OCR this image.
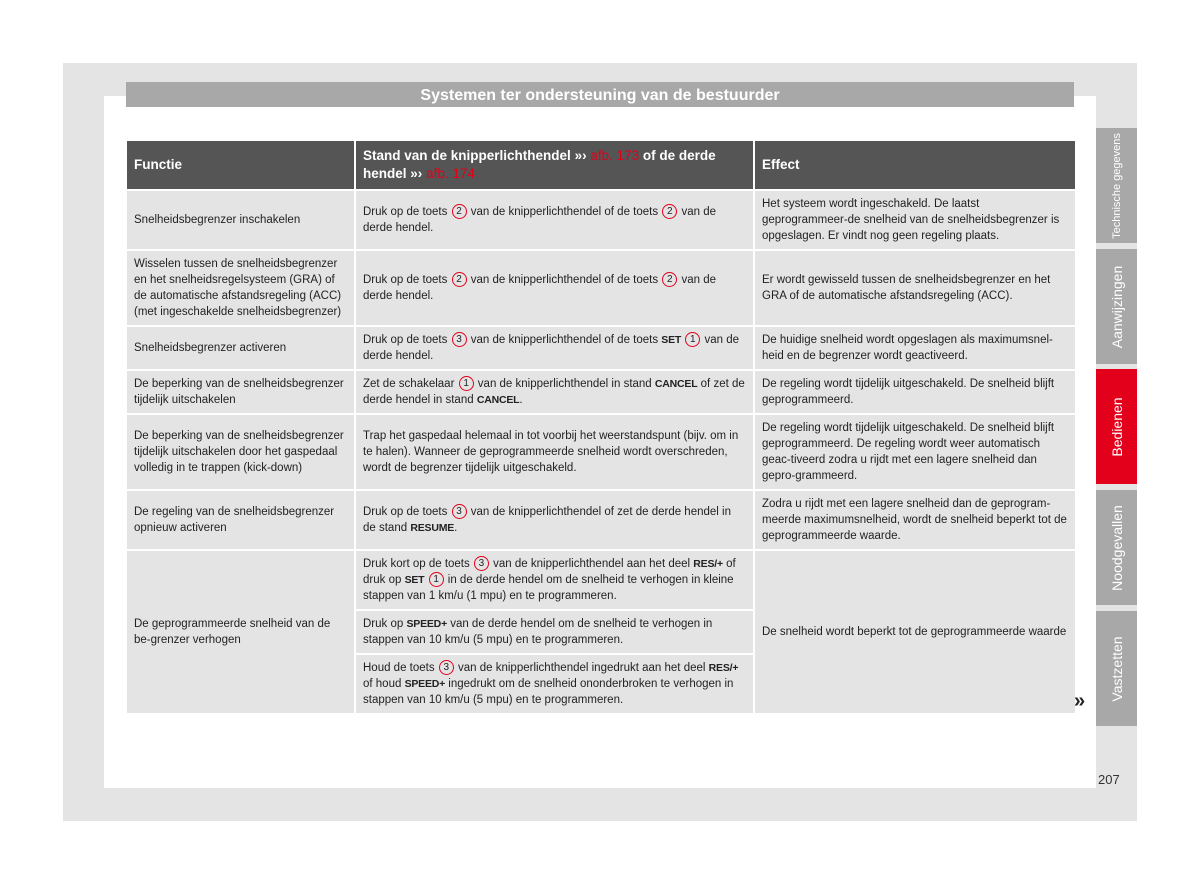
Systemen ter ondersteuning van de bestuurder
Functie	Stand van de knipperlichthendel »› afb. 173 of de derde hendel »› afb. 174	Effect
Snelheidsbegrenzer inschakelen	Druk op de toets 2 van de knipperlichthendel of de toets 2 van de derde hendel.	Het systeem wordt ingeschakeld. De laatst geprogrammeer-de snelheid van de snelheidsbegrenzer is opgeslagen. Er vindt nog geen regeling plaats.
Wisselen tussen de snelheidsbegrenzer en het snelheidsregelsysteem (GRA) of de automatische afstandsregeling (ACC) (met ingeschakelde snelheidsbegrenzer)	Druk op de toets 2 van de knipperlichthendel of de toets 2 van de derde hendel.	Er wordt gewisseld tussen de snelheidsbegrenzer en het GRA of de automatische afstandsregeling (ACC).
Snelheidsbegrenzer activeren	Druk op de toets 3 van de knipperlichthendel of de toets SET 1 van de derde hendel.	De huidige snelheid wordt opgeslagen als maximumsnel-heid en de begrenzer wordt geactiveerd.
De beperking van de snelheidsbegrenzer tijdelijk uitschakelen	Zet de schakelaar 1 van de knipperlichthendel in stand CANCEL of zet de derde hendel in stand CANCEL.	De regeling wordt tijdelijk uitgeschakeld. De snelheid blijft geprogrammeerd.
De beperking van de snelheidsbegrenzer tijdelijk uitschakelen door het gaspedaal volledig in te trappen (kick-down)	Trap het gaspedaal helemaal in tot voorbij het weerstandspunt (bijv. om in te halen). Wanneer de geprogrammeerde snelheid wordt overschreden, wordt de begrenzer tijdelijk uitgeschakeld.	De regeling wordt tijdelijk uitgeschakeld. De snelheid blijft geprogrammeerd. De regeling wordt weer automatisch geac-tiveerd zodra u rijdt met een lagere snelheid dan gepro-grammeerd.
De regeling van de snelheidsbegrenzer opnieuw activeren	Druk op de toets 3 van de knipperlichthendel of zet de derde hendel in de stand RESUME.	Zodra u rijdt met een lagere snelheid dan de geprogram-meerde maximumsnelheid, wordt de snelheid beperkt tot de geprogrammeerde waarde.
De geprogrammeerde snelheid van de be-grenzer verhogen	Druk kort op de toets 3 van de knipperlichthendel aan het deel RES/+ of druk op SET 1 in de derde hendel om de snelheid te verhogen in kleine stappen van 1 km/u (1 mpu) en te programmeren.	De snelheid wordt beperkt tot de geprogrammeerde waarde
	Druk op SPEED+ van de derde hendel om de snelheid te verhogen in stappen van 10 km/u (5 mpu) en te programmeren.	
	Houd de toets 3 van de knipperlichthendel ingedrukt aan het deel RES/+ of houd SPEED+ ingedrukt om de snelheid ononderbroken te verhogen in stappen van 10 km/u (5 mpu) en te programmeren.	
Technische gegevens
Aanwijzingen
Bedienen
Noodgevallen
Vastzetten
»
207
